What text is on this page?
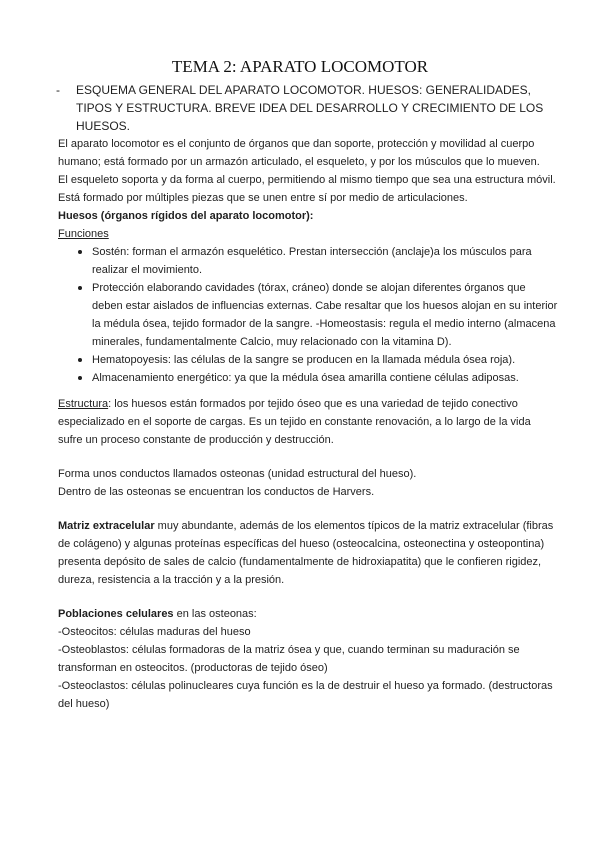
TEMA 2: APARATO LOCOMOTOR
- ESQUEMA GENERAL DEL APARATO LOCOMOTOR. HUESOS: GENERALIDADES, TIPOS Y ESTRUCTURA. BREVE IDEA DEL DESARROLLO Y CRECIMIENTO DE LOS HUESOS.

El aparato locomotor es el conjunto de órganos que dan soporte, protección y movilidad al cuerpo humano; está formado por un armazón articulado, el esqueleto, y por los músculos que lo mueven.

El esqueleto soporta y da forma al cuerpo, permitiendo al mismo tiempo que sea una estructura móvil. Está formado por múltiples piezas que se unen entre sí por medio de articulaciones.

Huesos (órganos rígidos del aparato locomotor):

Funciones

Sostén: forman el armazón esquelético. Prestan intersección (anclaje)a los músculos para realizar el movimiento.
Protección elaborando cavidades (tórax, cráneo) donde se alojan diferentes órganos que deben estar aislados de influencias externas. Cabe resaltar que los huesos alojan en su interior la médula ósea, tejido formador de la sangre. -Homeostasis: regula el medio interno (almacena minerales, fundamentalmente Calcio, muy relacionado con la vitamina D).
Hematopoyesis: las células de la sangre se producen en la llamada médula ósea roja).
Almacenamiento energético: ya que la médula ósea amarilla contiene células adiposas.

Estructura: los huesos están formados por tejido óseo que es una variedad de tejido conectivo especializado en el soporte de cargas. Es un tejido en constante renovación, a lo largo de la vida sufre un proceso constante de producción y destrucción.

Forma unos conductos llamados osteonas (unidad estructural del hueso).

Dentro de las osteonas se encuentran los conductos de Harvers.

Matriz extracelular muy abundante, además de los elementos típicos de la matriz extracelular (fibras de colágeno) y algunas proteínas específicas del hueso (osteocalcina, osteonectina y osteopontina) presenta depósito de sales de calcio (fundamentalmente de hidroxiapatita) que le confieren rigidez, dureza, resistencia a la tracción y a la presión.

Poblaciones celulares en las osteonas:

-Osteocitos: células maduras del hueso

-Osteoblastos: células formadoras de la matriz ósea y que, cuando terminan su maduración se transforman en osteocitos. (productoras de tejido óseo)

-Osteoclastos: células polinucleares cuya función es la de destruir el hueso ya formado. (destructoras del hueso)
